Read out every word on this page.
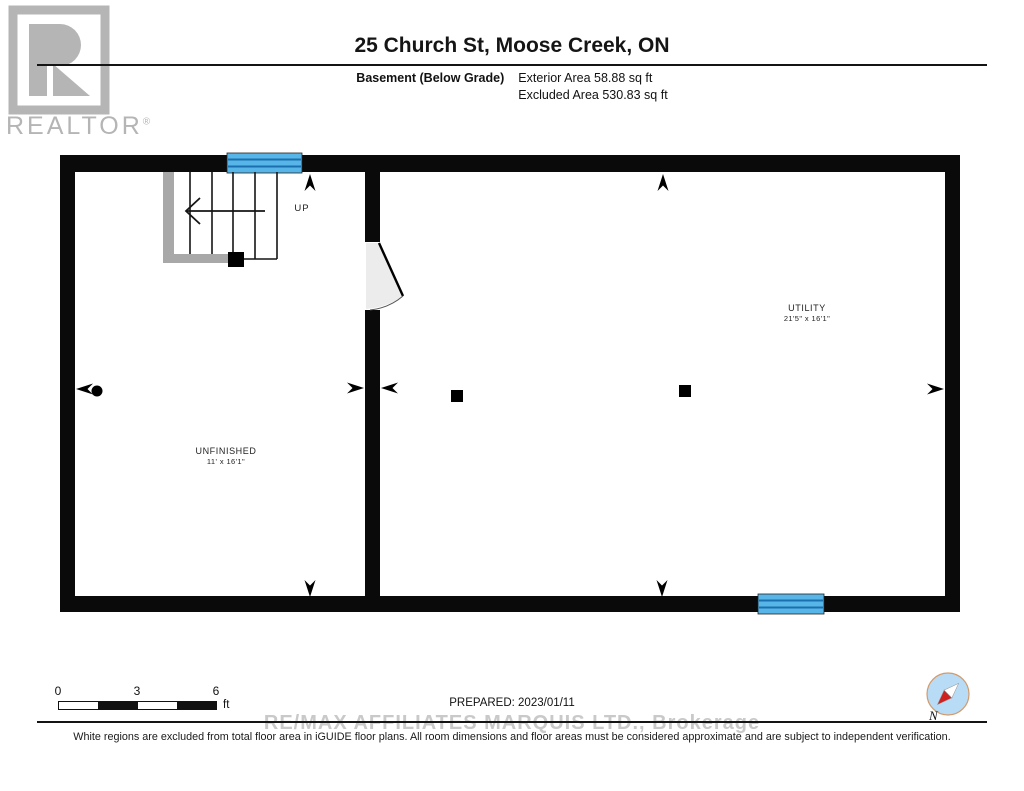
REALTOR®
25 Church St, Moose Creek, ON
Basement (Below Grade) Exterior Area 58.88 sq ft
Excluded Area 530.83 sq ft
UP
UNFINISHED
11' x 16'1"
UTILITY
21'5" x 16'1"
0	3	6
ft	PREPARED: 2023/01/11
White regions are excluded from total floor area in iGUIDE floor plans. All room dimensions and floor areas must be considered approximate and are subject to independent verification.
N
